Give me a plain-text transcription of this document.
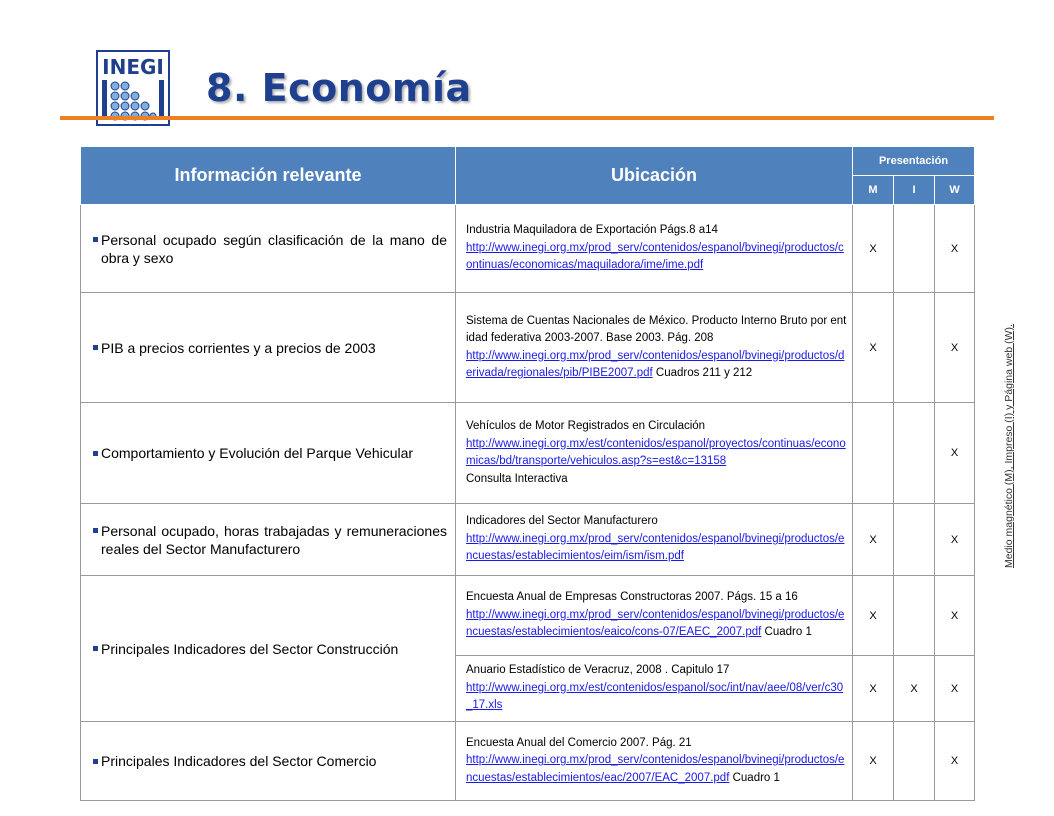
INEGI 8. Economía
Información relevante	Ubicación	Presentación		
		M	I	W
Personal ocupado según clasificación de la mano de obra y sexo	Industria Maquiladora de Exportación Págs.8 a14
http://www.inegi.org.mx/prod_serv/contenidos/espanol/bvinegi/productos/continuas/economicas/maquiladora/ime/ime.pdf	X		X
PIB a precios corrientes y a precios de 2003	Sistema de Cuentas Nacionales de México. Producto Interno Bruto por entidad federativa 2003-2007. Base 2003. Pág. 208
http://www.inegi.org.mx/prod_serv/contenidos/espanol/bvinegi/productos/derivada/regionales/pib/PIBE2007.pdf Cuadros 211 y 212	X		X
Comportamiento y Evolución del Parque Vehicular	Vehículos de Motor Registrados en Circulación
http://www.inegi.org.mx/est/contenidos/espanol/proyectos/continuas/economicas/bd/transporte/vehiculos.asp?s=est&c=13158
Consulta Interactiva			X
Personal ocupado, horas trabajadas y remuneraciones reales del Sector Manufacturero	Indicadores del Sector Manufacturero
http://www.inegi.org.mx/prod_serv/contenidos/espanol/bvinegi/productos/encuestas/establecimientos/eim/ism/ism.pdf	X		X
Principales Indicadores del Sector Construcción	Encuesta Anual de Empresas Constructoras 2007. Págs. 15 a 16
http://www.inegi.org.mx/prod_serv/contenidos/espanol/bvinegi/productos/encuestas/establecimientos/eaico/cons-07/EAEC_2007.pdf Cuadro 1	X		X
	Anuario Estadístico de Veracruz, 2008 . Capitulo 17
http://www.inegi.org.mx/est/contenidos/espanol/soc/int/nav/aee/08/ver/c30_17.xls	X	X	X
Principales Indicadores del Sector Comercio	Encuesta Anual del Comercio 2007. Pág. 21
http://www.inegi.org.mx/prod_serv/contenidos/espanol/bvinegi/productos/encuestas/establecimientos/eac/2007/EAC_2007.pdf Cuadro 1	X		X
Medio magnético (M), Impreso (I) y Página web (W).
